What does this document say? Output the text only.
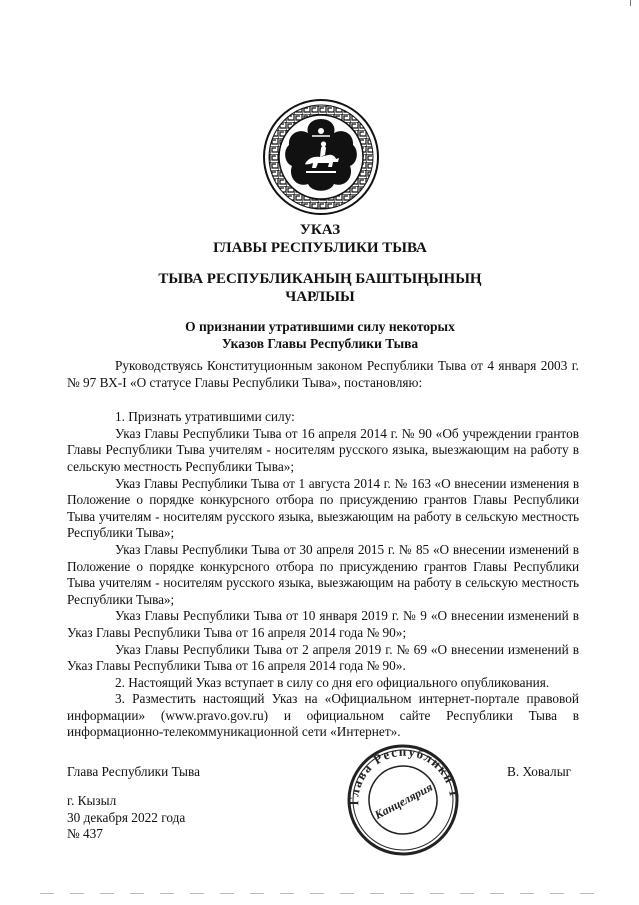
УКАЗ
ГЛАВЫ РЕСПУБЛИКИ ТЫВА
ТЫВА РЕСПУБЛИКАНЫҢ БАШТЫҢЫНЫҢ
ЧАРЛЫЫ
О признании утратившими силу некоторых
Указов Главы Республики Тыва

Руководствуясь Конституционным законом Республики Тыва от 4 января 2003 г. № 97 ВХ-I «О статусе Главы Республики Тыва», постановляю:

1. Признать утратившими силу:

Указ Главы Республики Тыва от 16 апреля 2014 г. № 90 «Об учреждении грантов Главы Республики Тыва учителям - носителям русского языка, выезжающим на работу в сельскую местность Республики Тыва»;

Указ Главы Республики Тыва от 1 августа 2014 г. № 163 «О внесении изменения в Положение о порядке конкурсного отбора по присуждению грантов Главы Республики Тыва учителям - носителям русского языка, выезжающим на работу в сельскую местность Республики Тыва»;

Указ Главы Республики Тыва от 30 апреля 2015 г. № 85 «О внесении изменений в Положение о порядке конкурсного отбора по присуждению грантов Главы Республики Тыва учителям - носителям русского языка, выезжающим на работу в сельскую местность Республики Тыва»;

Указ Главы Республики Тыва от 10 января 2019 г. № 9 «О внесении изменений в Указ Главы Республики Тыва от 16 апреля 2014 года № 90»;

Указ Главы Республики Тыва от 2 апреля 2019 г. № 69 «О внесении изменений в Указ Главы Республики Тыва от 16 апреля 2014 года № 90».

2. Настоящий Указ вступает в силу со дня его официального опубликования.

3. Разместить настоящий Указ на «Официальном интернет-портале правовой информации» (www.pravo.gov.ru) и официальном сайте Республики Тыва в информационно-телекоммуникационной сети «Интернет».

Глава Республики Тыва	В. Ховалыг
г. Кызыл
30 декабря 2022 года
№ 437
Глава Республики Тыва
Канцелярия
